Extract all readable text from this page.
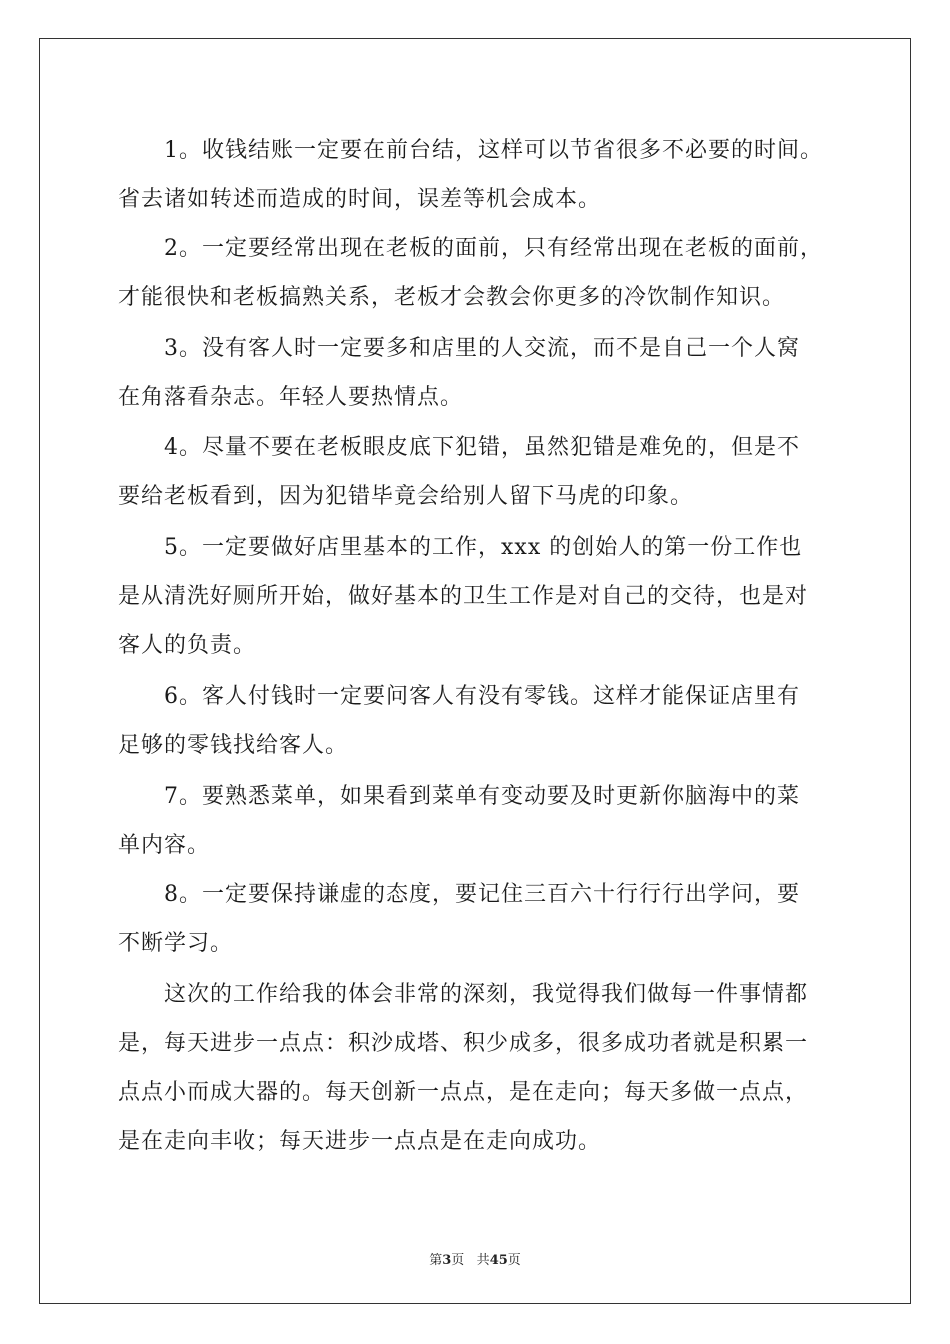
1。收钱结账一定要在前台结，这样可以节省很多不必要的时间。
省去诸如转述而造成的时间，误差等机会成本。

2。一定要经常出现在老板的面前，只有经常出现在老板的面前，
才能很快和老板搞熟关系，老板才会教会你更多的冷饮制作知识。

3。没有客人时一定要多和店里的人交流，而不是自己一个人窝
在角落看杂志。年轻人要热情点。

4。尽量不要在老板眼皮底下犯错，虽然犯错是难免的，但是不
要给老板看到，因为犯错毕竟会给别人留下马虎的印象。

5。一定要做好店里基本的工作，xxx 的创始人的第一份工作也
是从清洗好厕所开始，做好基本的卫生工作是对自己的交待，也是对
客人的负责。

6。客人付钱时一定要问客人有没有零钱。这样才能保证店里有
足够的零钱找给客人。

7。要熟悉菜单，如果看到菜单有变动要及时更新你脑海中的菜
单内容。

8。一定要保持谦虚的态度，要记住三百六十行行行出学问，要
不断学习。

这次的工作给我的体会非常的深刻，我觉得我们做每一件事情都
是，每天进步一点点：积沙成塔、积少成多，很多成功者就是积累一
点点小而成大器的。每天创新一点点，是在走向；每天多做一点点，
是在走向丰收；每天进步一点点是在走向成功。

第3页 共45页
